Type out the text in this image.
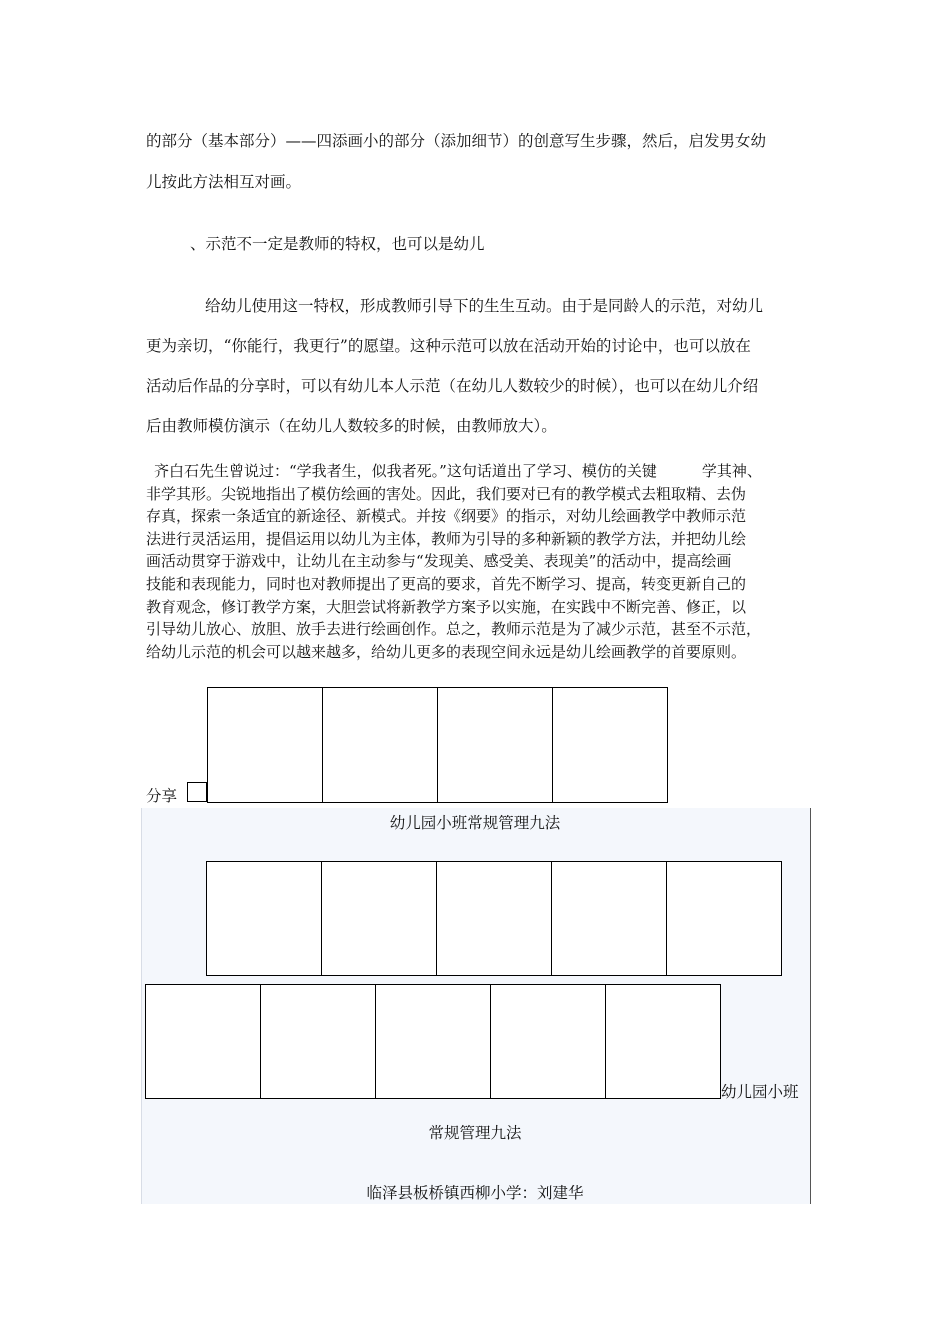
的部分（基本部分）——四添画小的部分（添加细节）的创意写生步骤，然后，启发男女幼
儿按此方法相互对画。
、示范不一定是教师的特权，也可以是幼儿
给幼儿使用这一特权，形成教师引导下的生生互动。由于是同龄人的示范，对幼儿
更为亲切，“你能行，我更行”的愿望。这种示范可以放在活动开始的讨论中，也可以放在
活动后作品的分享时，可以有幼儿本人示范（在幼儿人数较少的时候），也可以在幼儿介绍
后由教师模仿演示（在幼儿人数较多的时候，由教师放大）。

齐白石先生曾说过：“学我者生，似我者死。”这句话道出了学习、模仿的关键　　　学其神、

非学其形。尖锐地指出了模仿绘画的害处。因此，我们要对已有的教学模式去粗取精、去伪

存真，探索一条适宜的新途径、新模式。并按《纲要》的指示，对幼儿绘画教学中教师示范

法进行灵活运用，提倡运用以幼儿为主体，教师为引导的多种新颖的教学方法，并把幼儿绘

画活动贯穿于游戏中，让幼儿在主动参与“发现美、感受美、表现美”的活动中，提高绘画

技能和表现能力，同时也对教师提出了更高的要求，首先不断学习、提高，转变更新自己的

教育观念，修订教学方案，大胆尝试将新教学方案予以实施，在实践中不断完善、修正，以

引导幼儿放心、放胆、放手去进行绘画创作。总之，教师示范是为了减少示范，甚至不示范，

给幼儿示范的机会可以越来越多，给幼儿更多的表现空间永远是幼儿绘画教学的首要原则。

分享
幼儿园小班常规管理九法
幼儿园小班
常规管理九法
临泽县板桥镇西柳小学：刘建华
